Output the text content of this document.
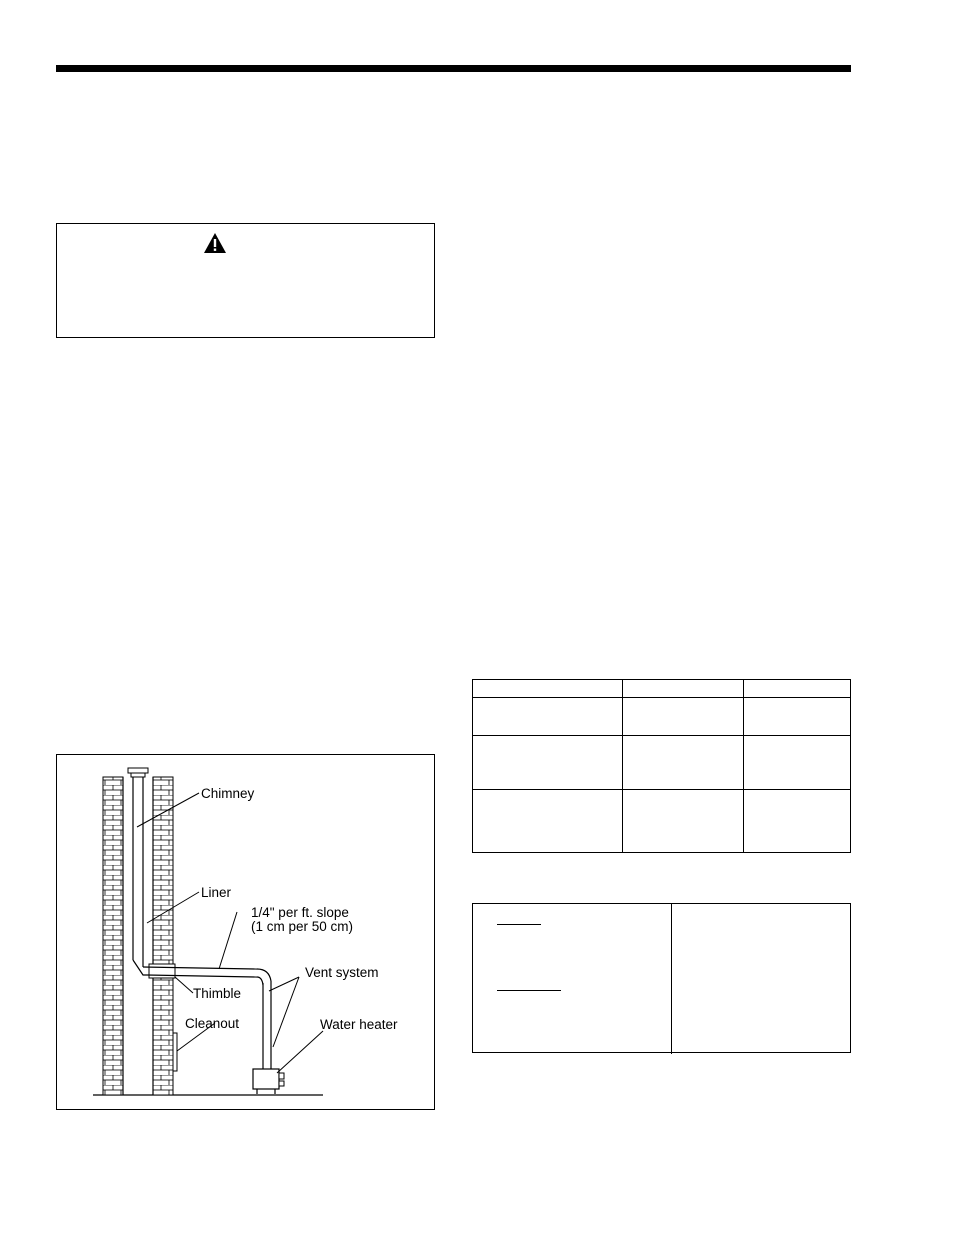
Chimney
Liner
1/4" per ft. slope
(1 cm per 50 cm)
Vent system
Thimble
Cleanout	Water heater
